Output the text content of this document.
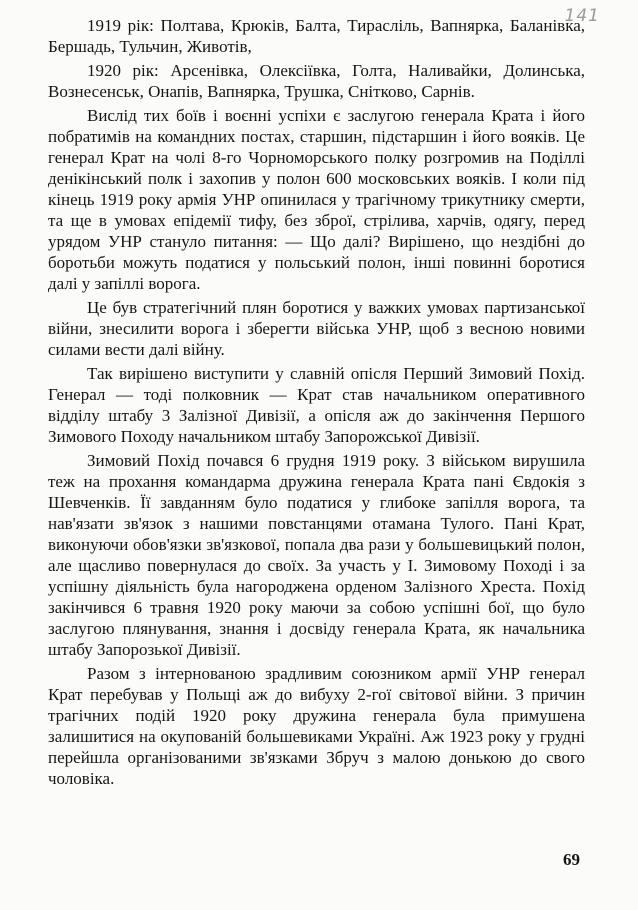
141

1919 рік: Полтава, Крюків, Балта, Тирасліль, Вапнярка, Баланівка, Бершадь, Тульчин, Животів,

1920 рік: Арсенівка, Олексіївка, Голта, Наливайки, Долинська, Вознесенськ, Онапів, Вапнярка, Трушка, Снітково, Сарнів.

Вислід тих боїв і воєнні успіхи є заслугою генерала Крата і його побратимів на командних постах, старшин, підстаршин і його вояків. Це генерал Крат на чолі 8-го Чорноморського полку розгромив на Поділлі денікінський полк і захопив у полон 600 московських вояків. І коли під кінець 1919 року армія УНР опинилася у трагічному трикутнику смерти, та ще в умовах епідемії тифу, без зброї, стрілива, харчів, одягу, перед урядом УНР стануло питання: — Що далі? Вирішено, що нездібні до боротьби можуть податися у польський полон, інші повинні боротися далі у запіллі ворога.

Це був стратегічний плян боротися у важких умовах партизанської війни, знесилити ворога і зберегти війська УНР, щоб з весною новими силами вести далі війну.

Так вирішено виступити у славній опісля Перший Зимовий Похід. Генерал — тоді полковник — Крат став начальником оперативного відділу штабу 3 Залізної Дивізії, а опісля аж до закінчення Першого Зимового Походу начальником штабу Запорожської Дивізії.

Зимовий Похід почався 6 грудня 1919 року. З військом вирушила теж на прохання командарма дружина генерала Крата пані Євдокія з Шевченків. Її завданням було податися у глибоке запілля ворога, та нав'язати зв'язок з нашими повстанцями отамана Тулого. Пані Крат, виконуючи обов'язки зв'язкової, попала два рази у большевицький полон, але щасливо повернулася до своїх. За участь у І. Зимовому Поході і за успішну діяльність була нагороджена орденом Залізного Хреста. Похід закінчився 6 травня 1920 року маючи за собою успішні бої, що було заслугою плянування, знання і досвіду генерала Крата, як начальника штабу Запорозької Дивізії.

Разом з інтернованою зрадливим союзником армії УНР генерал Крат перебував у Польщі аж до вибуху 2-гої світової війни. З причин трагічних подій 1920 року дружина генерала була примушена залишитися на окупованій большевиками Україні. Аж 1923 року у грудні перейшла організованими зв'язками Збруч з малою донькою до свого чоловіка.

69
